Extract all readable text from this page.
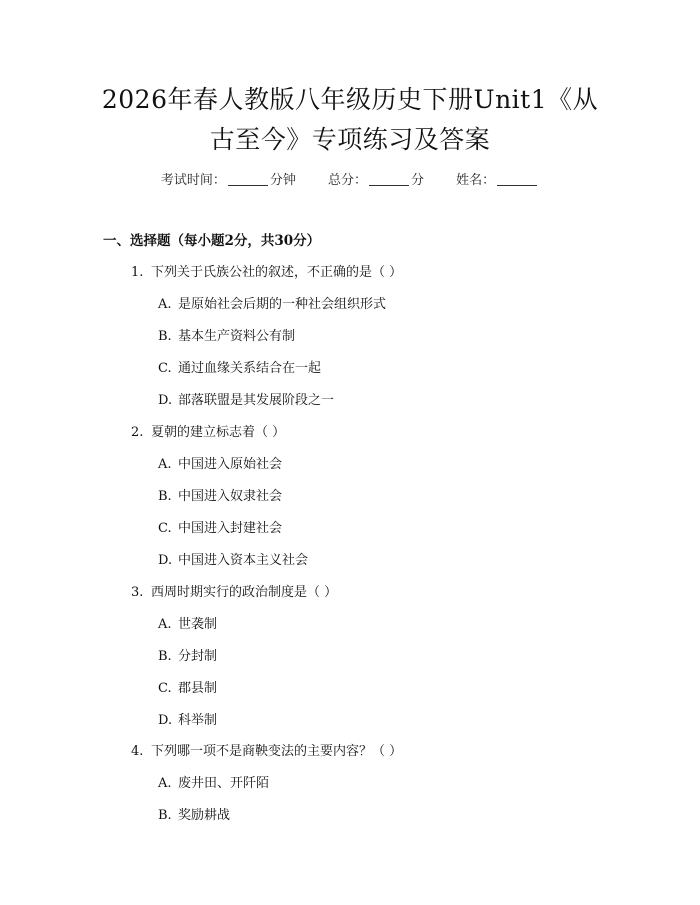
2026年春人教版八年级历史下册Unit1《从
古至今》专项练习及答案
考试时间：	分钟 总分：	分 姓名：
一、选择题（每小题2分，共30分）
1. 下列关于氏族公社的叙述，不正确的是（ ）
A. 是原始社会后期的一种社会组织形式
B. 基本生产资料公有制
C. 通过血缘关系结合在一起
D. 部落联盟是其发展阶段之一
2. 夏朝的建立标志着（ ）
A. 中国进入原始社会
B. 中国进入奴隶社会
C. 中国进入封建社会
D. 中国进入资本主义社会
3. 西周时期实行的政治制度是（ ）
A. 世袭制
B. 分封制
C. 郡县制
D. 科举制
4. 下列哪一项不是商鞅变法的主要内容？（ ）
A. 废井田、开阡陌
B. 奖励耕战
